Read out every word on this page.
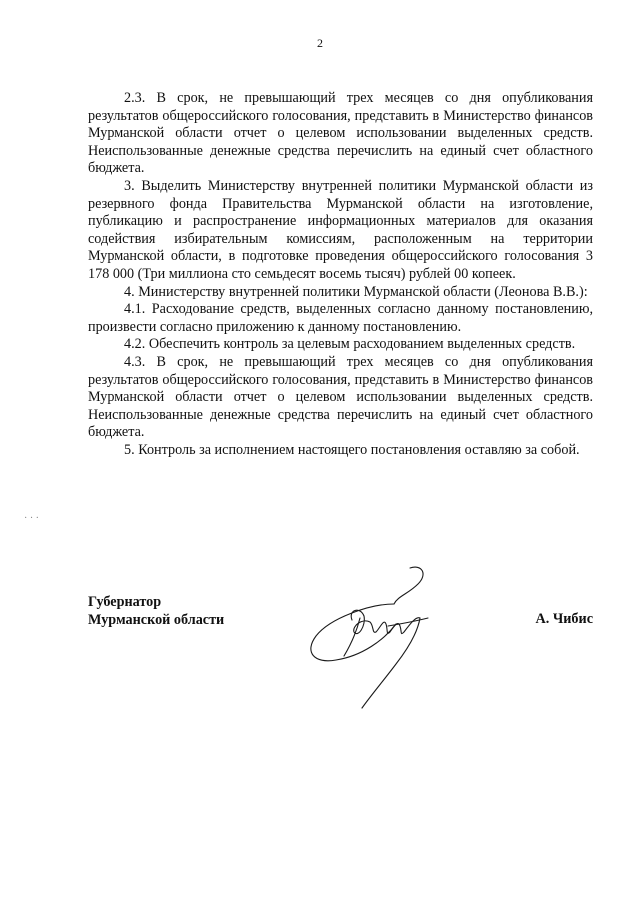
2

2.3. В срок, не превышающий трех месяцев со дня опубликования результатов общероссийского голосования, представить в Министерство финансов Мурманской области отчет о целевом использовании выделенных средств. Неиспользованные денежные средства перечислить на единый счет областного бюджета.

3. Выделить Министерству внутренней политики Мурманской области из резервного фонда Правительства Мурманской области на изготовление, публикацию и распространение информационных материалов для оказания содействия избирательным комиссиям, расположенным на территории Мурманской области, в подготовке проведения общероссийского голосования 3 178 000 (Три миллиона сто семьдесят восемь тысяч) рублей 00 копеек.

4. Министерству внутренней политики Мурманской области (Леонова В.В.):

4.1. Расходование средств, выделенных согласно данному постановлению, произвести согласно приложению к данному постановлению.

4.2. Обеспечить контроль за целевым расходованием выделенных средств.

4.3. В срок, не превышающий трех месяцев со дня опубликования результатов общероссийского голосования, представить в Министерство финансов Мурманской области отчет о целевом использовании выделенных средств. Неиспользованные денежные средства перечислить на единый счет областного бюджета.

5. Контроль за исполнением настоящего постановления оставляю за собой.

Губернатор
Мурманской области	А. Чибис
· · ·
